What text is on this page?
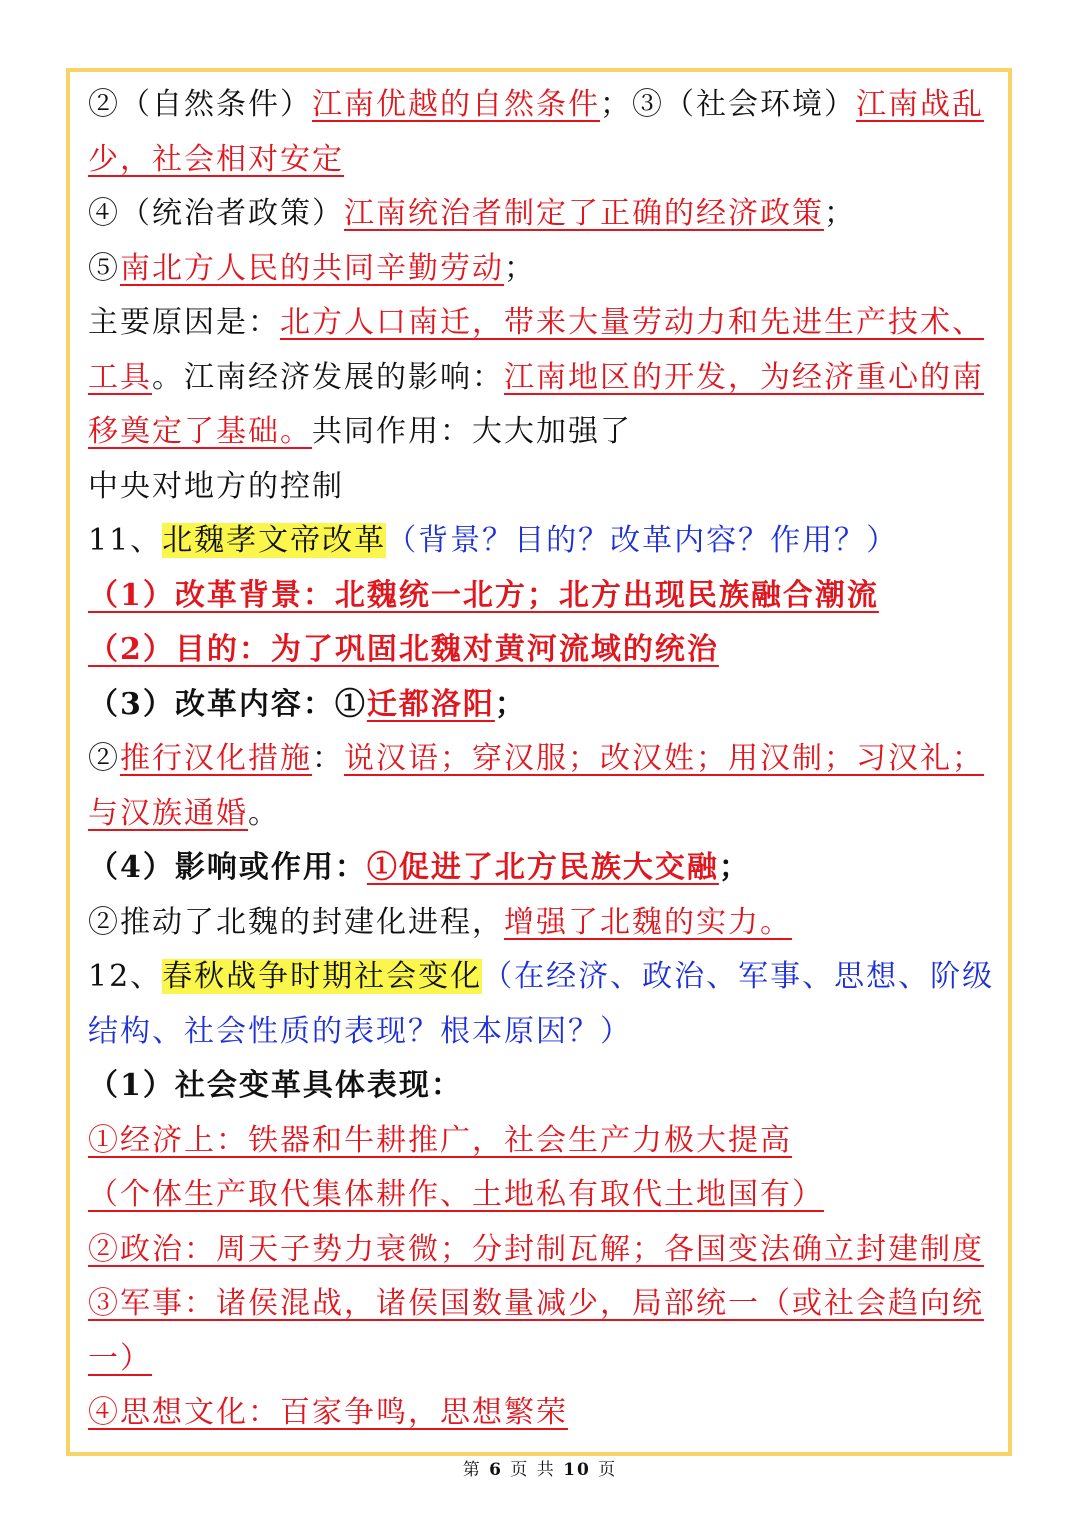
②（自然条件）江南优越的自然条件；③（社会环境）江南战乱
少，社会相对安定
④（统治者政策）江南统治者制定了正确的经济政策；
⑤南北方人民的共同辛勤劳动；
主要原因是：北方人口南迁，带来大量劳动力和先进生产技术、
工具。江南经济发展的影响：江南地区的开发，为经济重心的南
移奠定了基础。共同作用：大大加强了
中央对地方的控制
11、北魏孝文帝改革（背景？目的？改革内容？作用？）
（1）改革背景：北魏统一北方；北方出现民族融合潮流
（2）目的：为了巩固北魏对黄河流域的统治
（3）改革内容：①迁都洛阳；
②推行汉化措施：说汉语；穿汉服；改汉姓；用汉制；习汉礼；
与汉族通婚。
（4）影响或作用：①促进了北方民族大交融；
②推动了北魏的封建化进程，增强了北魏的实力。
12、春秋战争时期社会变化（在经济、政治、军事、思想、阶级
结构、社会性质的表现？根本原因？）
（1）社会变革具体表现：
①经济上：铁器和牛耕推广，社会生产力极大提高
（个体生产取代集体耕作、土地私有取代土地国有）
②政治：周天子势力衰微；分封制瓦解；各国变法确立封建制度
③军事：诸侯混战，诸侯国数量减少，局部统一（或社会趋向统
一）
④思想文化：百家争鸣，思想繁荣
第 6 页 共 10 页
